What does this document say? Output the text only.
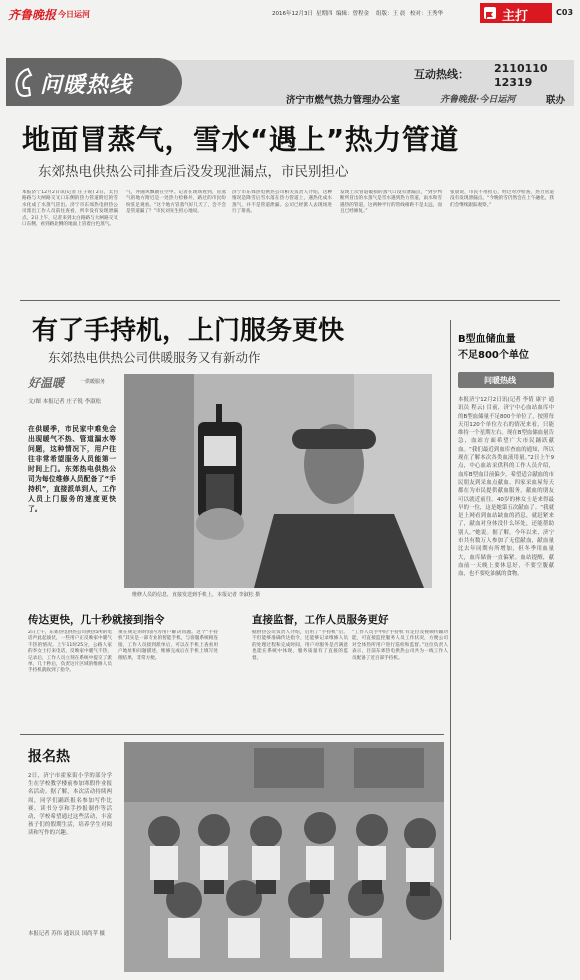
齐鲁晚报 今日运河	2016年12月3日 星期四 编辑：曾程金 组版：王 晨 校对：王秀华	主打	C03
问暖热线	互动热线： 2110110
12319
济宁市燃气热力管理办公室	齐鲁晚报·今日运河	联办
地面冒蒸气，雪水“遇上”热力管道
东郊热电供热公司排查后没发现泄漏点，市民别担心
本报济宁12月2日讯(记者 庄子锐) 2日，太白路路与大闸路交叉口东侧的热力管道附近的雪水化成了水蒸气冒出。济宁市东郊热电供热公司派出工作人员前往查看，所幸没有发现泄漏点。2日上午，记者来到太白路路与大闸路交叉口东侧，看到路北侧的地面上冒着白色蒸气。
气，并随风飘散在空中。记者在现场看到，冒蒸气的地方附近是一处热力检修井，路过的市民纷纷驻足观看。“这个地方冒蒸气好几天了，会不会是管道漏了？”市民刘先生担心地说。
济宁市东郊热电供热公司相关负责人介绍，这种情况是降雪后雪水落在热力管道上，遇热化成水蒸气，并不是管道泄漏。公司已经派人去现场进行了排查。
发现上次管道破损的蒸气口没有泄漏点，“到少判断所冒出的水蒸气是雪水遇到热力管道，雨水和雪遇热的管道，这两种平行的管线相距不是太远，而且已经修复。”
张晨说，市民不用担心，经过对沙检查，热力管道没有发现泄漏点。“今晚的雪仍然会在上午融化，我们会继续跟踪观察。”
有了手持机，上门服务更快
东郊热电供热公司供暖服务又有新动作
好温暖	一供暖服务
文/图 本报记者 庄子锐 李淑松
在供暖季，市民家中难免会出现暖气不热、管道漏水等问题，这种情况下，用户往往非常希望服务人员能第一时间上门。东郊热电供热公司为每位维修人员配备了“手持机”，直接派单到人，工作人员上门服务的速度更快了。
维修人员的信息，直接发送到手机上，本报记者 李淑松 摄
B型血储血量
不足800个单位
问暖热线
本报济宁12月2日讯(记者 李倩 康宇 通讯员 程云) 目前，济宁中心血站血库中的B型血储量不足800个单位了，按照每天用120个单位左右的情况来看，只能维持一个星期左右。现在B型血储血量告急，血站方面希望广大市民踊跃献血。“我们最近到血库查血的通知，所以现在了解本次各类血液用量。”2日上午9点，中心血站采供科的工作人员介绍，血库B型血目前偏少，希望适合献血的市民朋友到采血点献血。四家采血屋每天都在为市民提供献血服务，献血的朋友可以就近前往。40岁的林女士是来得最早的一位，这是她第五次献血了。“我就是上网看到血站缺血的消息，就赶紧来了，献血对身体没什么坏处，还能帮助别人。”她说。据了解，今年以来，济宁市共有数万人参加了无偿献血，献血量比去年同期有所增加，但冬季用血量大，血库储备一直偏紧。血站提醒，献血前一天晚上要休息好，不要空腹献血，也不要吃油腻的食物。
传达更快，几十秒就接到指令
2日上午，东郊热电供热公司供热5所的电话声此起彼伏，一些用户正反映家中暖气不热的情况。上午11时25分，公路人家的李女士打来电话，反映家中暖气不热，记录后，工作人员立刻在系统中提交了派单，几十秒后，负责这片区域的维修人员手持机就收到了指令。
须在规定的时间内为用户解决问题。这个“手持机”其实是一部专业的智能手机，与客服系统相连接，工作人员接到派单后，可以在手机上查看用户地址和问题描述，维修完成后在手机上填写处理结果，非常方便。
直接监督，工作人员服务更好
据供热公司负责人介绍，启用了“手持机”后，不但能够准确传达指令，还能够记录维修人员的处理过程和完成时间，用户对服务是否满意也能在系统中体现，服务质量有了直接的监督。
“工作人员手中的‘手持机’有定位及视频传输功能，可直接监控服务人员工作状况，方便公司对全体热所用户进行巡检和监督。”这位负责人表示，目前东郊热电供热公司共为一线工作人员配备了近百部手持机。
报名热
2日，济宁市霍家街小学的部分学生在学校教学楼前参加寒假作业报名活动。据了解，本次活动持续两周，同学们踊跃报名参加写作比赛、读书分享和手抄报制作等活动，学校希望通过这些活动，丰富孩子们的假期生活，培养学生对阅读和写作的兴趣。
本报记者 苏伟 通讯员 国尚苹 摄
